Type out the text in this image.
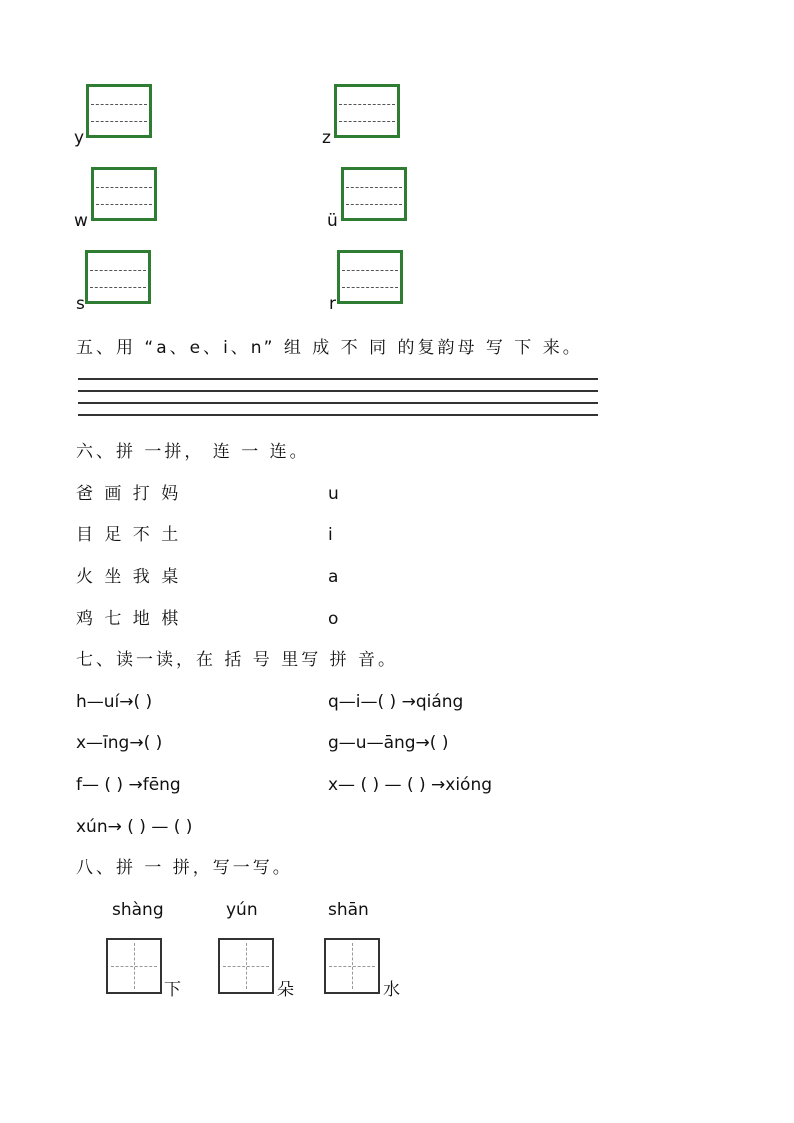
y	z
w	ü
s	r
五、用 “a、e、i、n” 组 成 不 同 的复韵母 写 下 来。
六、拼 一拼， 连 一 连。
爸 画 打 妈	u
目 足 不 土	i
火 坐 我 桌	a
鸡 七 地 棋	o
七、读一读，在 括 号 里写 拼 音。
h—uí→( )	q—i—( ) →qiáng
x—īng→( )	g—u—āng→( )
f— ( ) →fēng	x— ( ) — ( ) →xióng
xún→ ( ) — ( )
八、拼 一 拼，写一写。
shàng	yún	shān
下	朵	水
